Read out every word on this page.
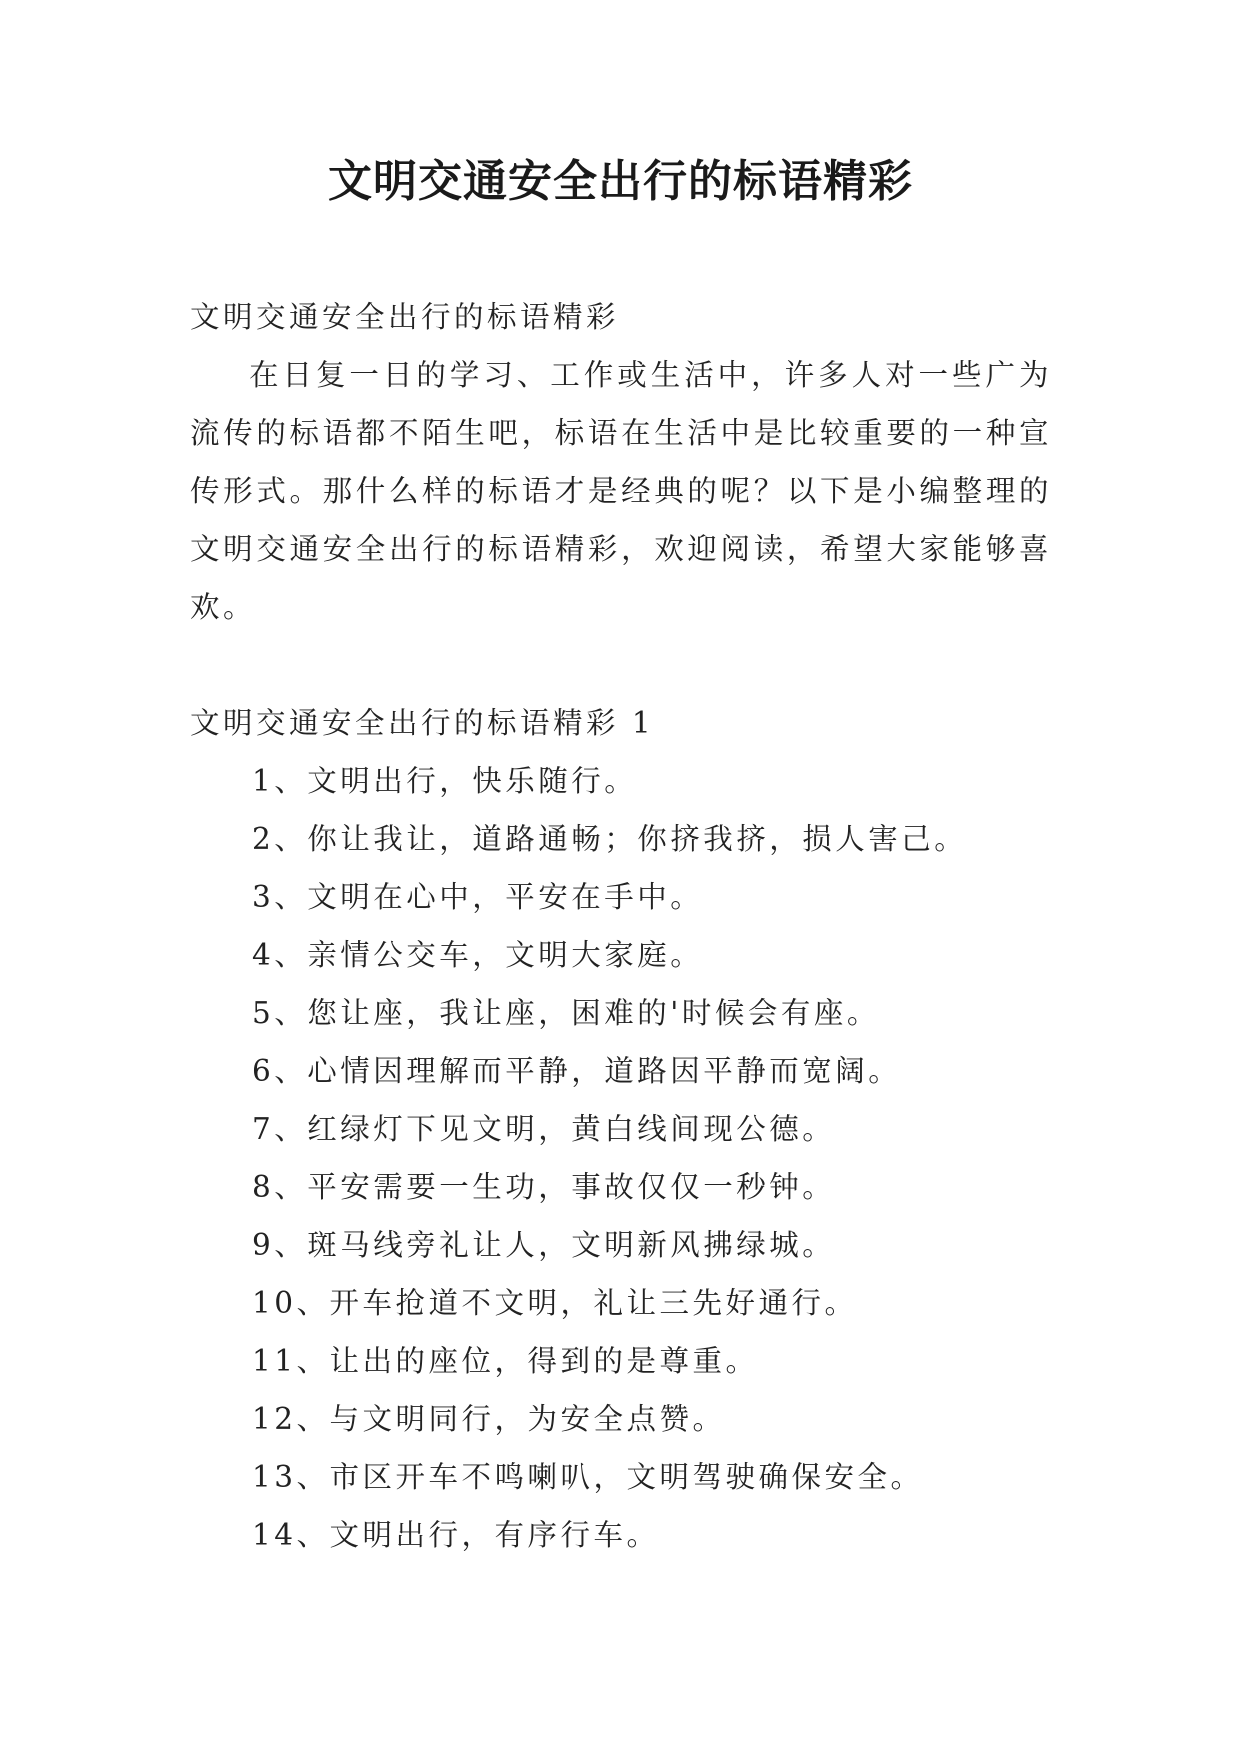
文明交通安全出行的标语精彩

文明交通安全出行的标语精彩

在日复一日的学习、工作或生活中，许多人对一些广为流传的标语都不陌生吧，标语在生活中是比较重要的一种宣传形式。那什么样的标语才是经典的呢？以下是小编整理的文明交通安全出行的标语精彩，欢迎阅读，希望大家能够喜欢。

文明交通安全出行的标语精彩 1

1、文明出行，快乐随行。
2、你让我让，道路通畅；你挤我挤，损人害己。
3、文明在心中，平安在手中。
4、亲情公交车，文明大家庭。
5、您让座，我让座，困难的'时候会有座。
6、心情因理解而平静，道路因平静而宽阔。
7、红绿灯下见文明，黄白线间现公德。
8、平安需要一生功，事故仅仅一秒钟。
9、斑马线旁礼让人，文明新风拂绿城。
10、开车抢道不文明，礼让三先好通行。
11、让出的座位，得到的是尊重。
12、与文明同行，为安全点赞。
13、市区开车不鸣喇叭，文明驾驶确保安全。
14、文明出行，有序行车。
